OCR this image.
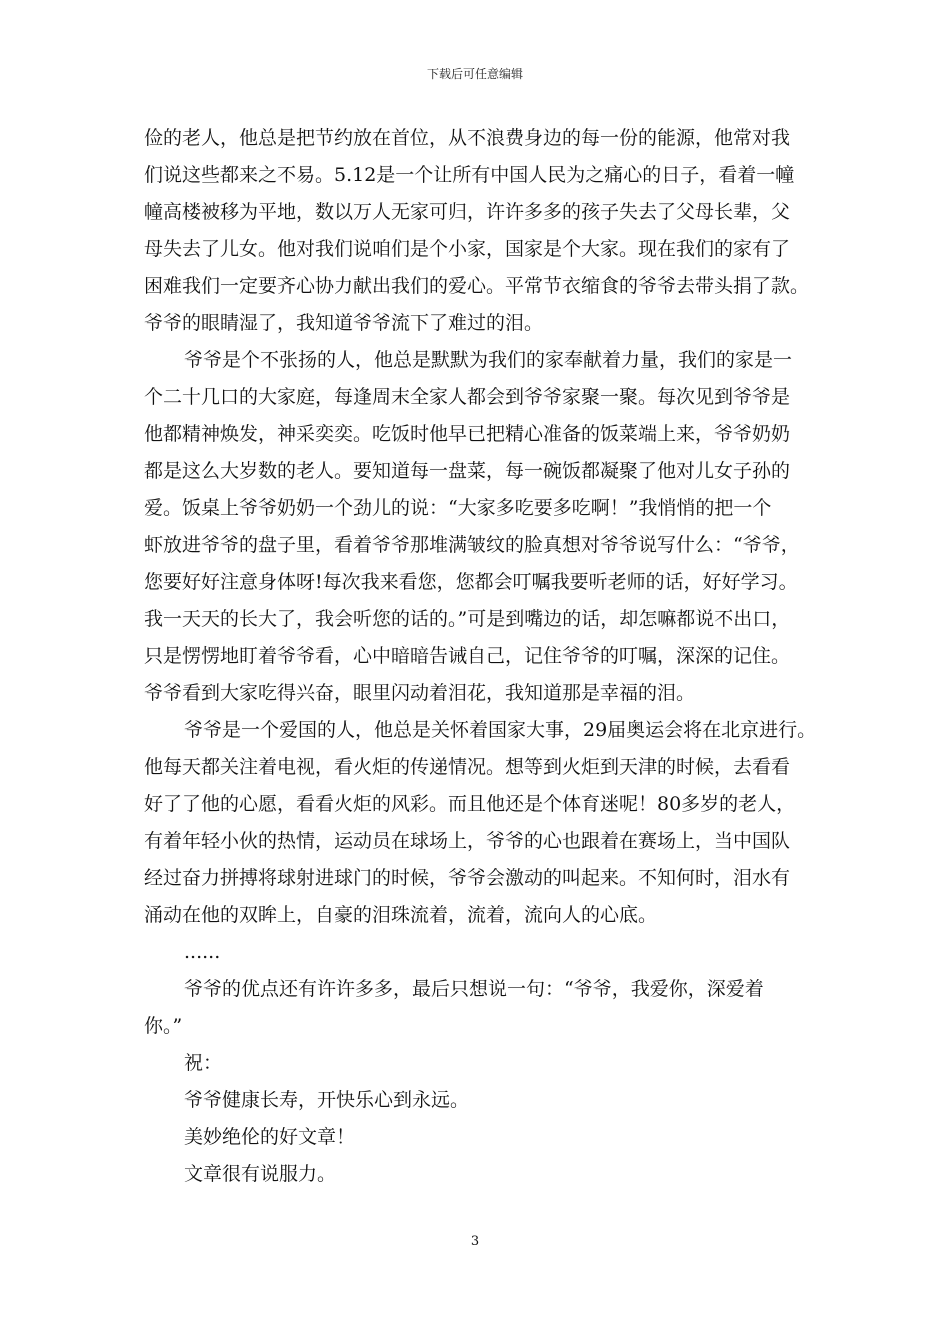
下载后可任意编辑
俭的老人，他总是把节约放在首位，从不浪费身边的每一份的能源，他常对我
们说这些都来之不易。5.12是一个让所有中国人民为之痛心的日子，看着一幢
幢高楼被移为平地，数以万人无家可归，许许多多的孩子失去了父母长辈，父
母失去了儿女。他对我们说咱们是个小家，国家是个大家。现在我们的家有了
困难我们一定要齐心协力献出我们的爱心。平常节衣缩食的爷爷去带头捐了款。
爷爷的眼睛湿了，我知道爷爷流下了难过的泪。
爷爷是个不张扬的人，他总是默默为我们的家奉献着力量，我们的家是一
个二十几口的大家庭，每逢周末全家人都会到爷爷家聚一聚。每次见到爷爷是
他都精神焕发，神采奕奕。吃饭时他早已把精心准备的饭菜端上来，爷爷奶奶
都是这么大岁数的老人。要知道每一盘菜，每一碗饭都凝聚了他对儿女子孙的
爱。饭桌上爷爷奶奶一个劲儿的说：“大家多吃要多吃啊！”我悄悄的把一个
虾放进爷爷的盘子里，看着爷爷那堆满皱纹的脸真想对爷爷说写什么：“爷爷，
您要好好注意身体呀!每次我来看您，您都会叮嘱我要听老师的话，好好学习。
我一天天的长大了，我会听您的话的。”可是到嘴边的话，却怎嘛都说不出口，
只是愣愣地盯着爷爷看，心中暗暗告诫自己，记住爷爷的叮嘱，深深的记住。
爷爷看到大家吃得兴奋，眼里闪动着泪花，我知道那是幸福的泪。
爷爷是一个爱国的人，他总是关怀着国家大事，29届奥运会将在北京进行。
他每天都关注着电视，看火炬的传递情况。想等到火炬到天津的时候，去看看
好了了他的心愿，看看火炬的风彩。而且他还是个体育迷呢！80多岁的老人，
有着年轻小伙的热情，运动员在球场上，爷爷的心也跟着在赛场上，当中国队
经过奋力拼搏将球射进球门的时候，爷爷会激动的叫起来。不知何时，泪水有
涌动在他的双眸上，自豪的泪珠流着，流着，流向人的心底。
......
爷爷的优点还有许许多多，最后只想说一句：“爷爷，我爱你，深爱着
你。”
祝：
爷爷健康长寿，开快乐心到永远。
美妙绝伦的好文章！
文章很有说服力。
3
